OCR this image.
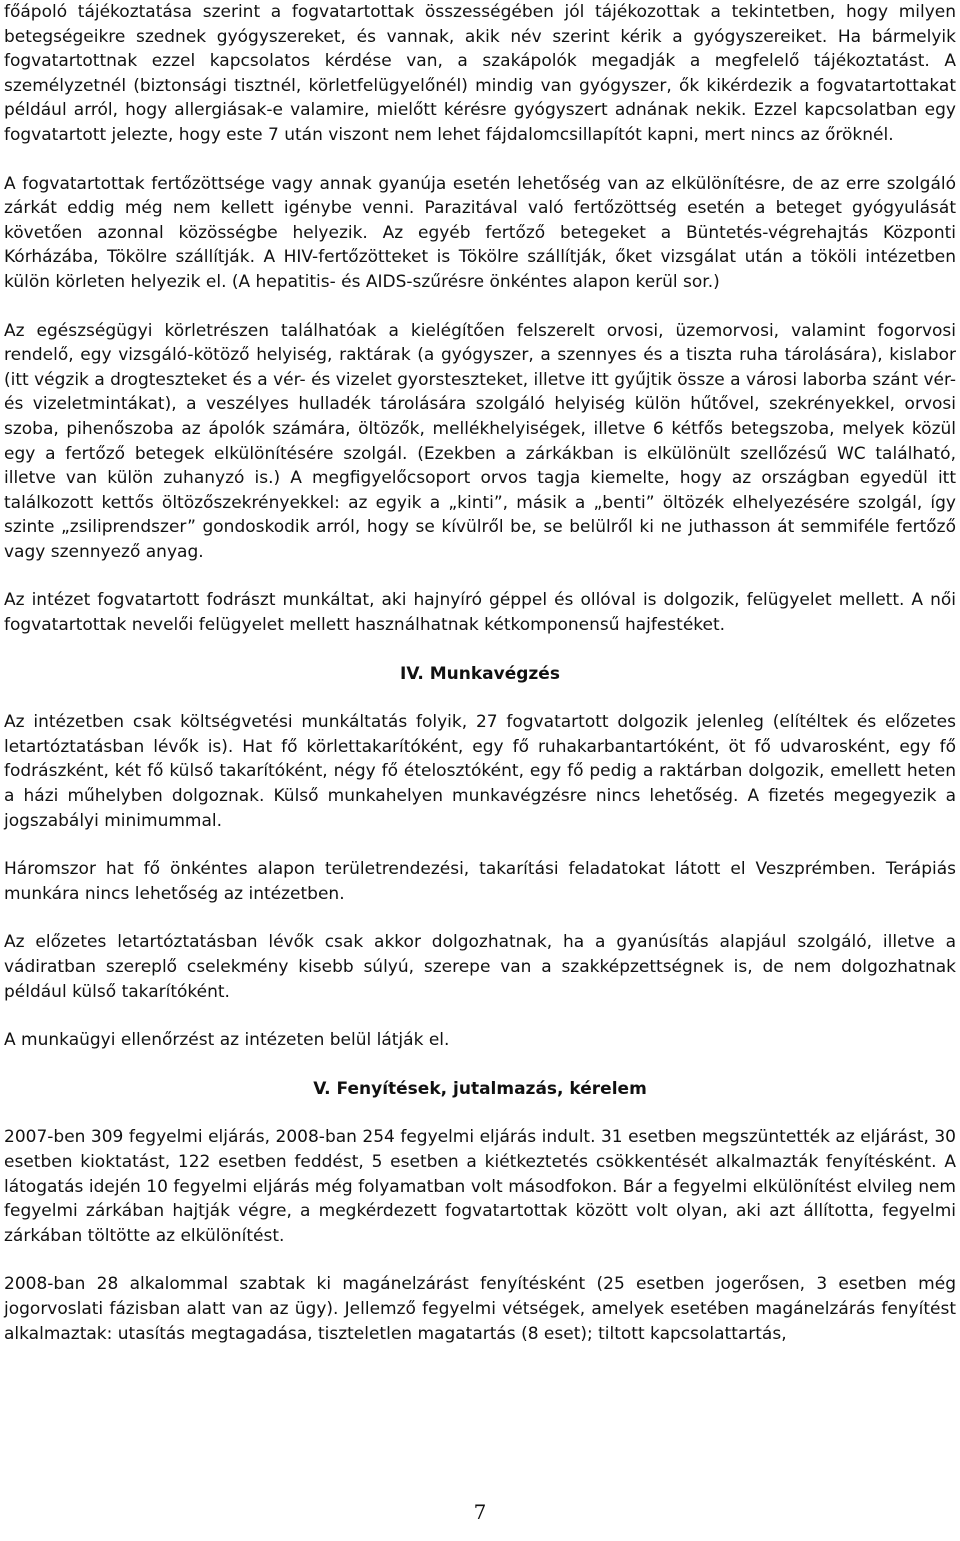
főápoló tájékoztatása szerint a fogvatartottak összességében jól tájékozottak a tekintetben, hogy milyen betegségeikre szednek gyógyszereket, és vannak, akik név szerint kérik a gyógyszereiket. Ha bármelyik fogvatartottnak ezzel kapcsolatos kérdése van, a szakápolók megadják a megfelelő tájékoztatást. A személyzetnél (biztonsági tisztnél, körletfelügyelőnél) mindig van gyógyszer, ők kikérdezik a fogvatartottakat például arról, hogy allergiásak-e valamire, mielőtt kérésre gyógyszert adnának nekik. Ezzel kapcsolatban egy fogvatartott jelezte, hogy este 7 után viszont nem lehet fájdalomcsillapítót kapni, mert nincs az őröknél.

A fogvatartottak fertőzöttsége vagy annak gyanúja esetén lehetőség van az elkülönítésre, de az erre szolgáló zárkát eddig még nem kellett igénybe venni. Parazitával való fertőzöttség esetén a beteget gyógyulását követően azonnal közösségbe helyezik. Az egyéb fertőző betegeket a Büntetés-végrehajtás Központi Kórházába, Tökölre szállítják. A HIV-fertőzötteket is Tökölre szállítják, őket vizsgálat után a tököli intézetben külön körleten helyezik el. (A hepatitis- és AIDS-szűrésre önkéntes alapon kerül sor.)

Az egészségügyi körletrészen találhatóak a kielégítően felszerelt orvosi, üzemorvosi, valamint fogorvosi rendelő, egy vizsgáló-kötöző helyiség, raktárak (a gyógyszer, a szennyes és a tiszta ruha tárolására), kislabor (itt végzik a drogteszteket és a vér- és vizelet gyorsteszteket, illetve itt gyűjtik össze a városi laborba szánt vér- és vizeletmintákat), a veszélyes hulladék tárolására szolgáló helyiség külön hűtővel, szekrényekkel, orvosi szoba, pihenőszoba az ápolók számára, öltözők, mellékhelyiségek, illetve 6 kétfős betegszoba, melyek közül egy a fertőző betegek elkülönítésére szolgál. (Ezekben a zárkákban is elkülönült szellőzésű WC található, illetve van külön zuhanyzó is.) A megfigyelőcsoport orvos tagja kiemelte, hogy az országban egyedül itt találkozott kettős öltözőszekrényekkel: az egyik a „kinti”, másik a „benti” öltözék elhelyezésére szolgál, így szinte „zsiliprendszer” gondoskodik arról, hogy se kívülről be, se belülről ki ne juthasson át semmiféle fertőző vagy szennyező anyag.

Az intézet fogvatartott fodrászt munkáltat, aki hajnyíró géppel és ollóval is dolgozik, felügyelet mellett. A női fogvatartottak nevelői felügyelet mellett használhatnak kétkomponensű hajfestéket.

IV. Munkavégzés

Az intézetben csak költségvetési munkáltatás folyik, 27 fogvatartott dolgozik jelenleg (elítéltek és előzetes letartóztatásban lévők is). Hat fő körlettakarítóként, egy fő ruhakarbantartóként, öt fő udvarosként, egy fő fodrászként, két fő külső takarítóként, négy fő ételosztóként, egy fő pedig a raktárban dolgozik, emellett heten a házi műhelyben dolgoznak. Külső munkahelyen munkavégzésre nincs lehetőség. A fizetés megegyezik a jogszabályi minimummal.

Háromszor hat fő önkéntes alapon területrendezési, takarítási feladatokat látott el Veszprémben. Terápiás munkára nincs lehetőség az intézetben.

Az előzetes letartóztatásban lévők csak akkor dolgozhatnak, ha a gyanúsítás alapjául szolgáló, illetve a vádiratban szereplő cselekmény kisebb súlyú, szerepe van a szakképzettségnek is, de nem dolgozhatnak például külső takarítóként.

A munkaügyi ellenőrzést az intézeten belül látják el.

V. Fenyítések, jutalmazás, kérelem

2007-ben 309 fegyelmi eljárás, 2008-ban 254 fegyelmi eljárás indult. 31 esetben megszüntették az eljárást, 30 esetben kioktatást, 122 esetben feddést, 5 esetben a kiétkeztetés csökkentését alkalmazták fenyítésként. A látogatás idején 10 fegyelmi eljárás még folyamatban volt másodfokon. Bár a fegyelmi elkülönítést elvileg nem fegyelmi zárkában hajtják végre, a megkérdezett fogvatartottak között volt olyan, aki azt állította, fegyelmi zárkában töltötte az elkülönítést.

2008-ban 28 alkalommal szabtak ki magánelzárást fenyítésként (25 esetben jogerősen, 3 esetben még jogorvoslati fázisban alatt van az ügy). Jellemző fegyelmi vétségek, amelyek esetében magánelzárás fenyítést alkalmaztak: utasítás megtagadása, tiszteletlen magatartás (8 eset); tiltott kapcsolattartás,

7
